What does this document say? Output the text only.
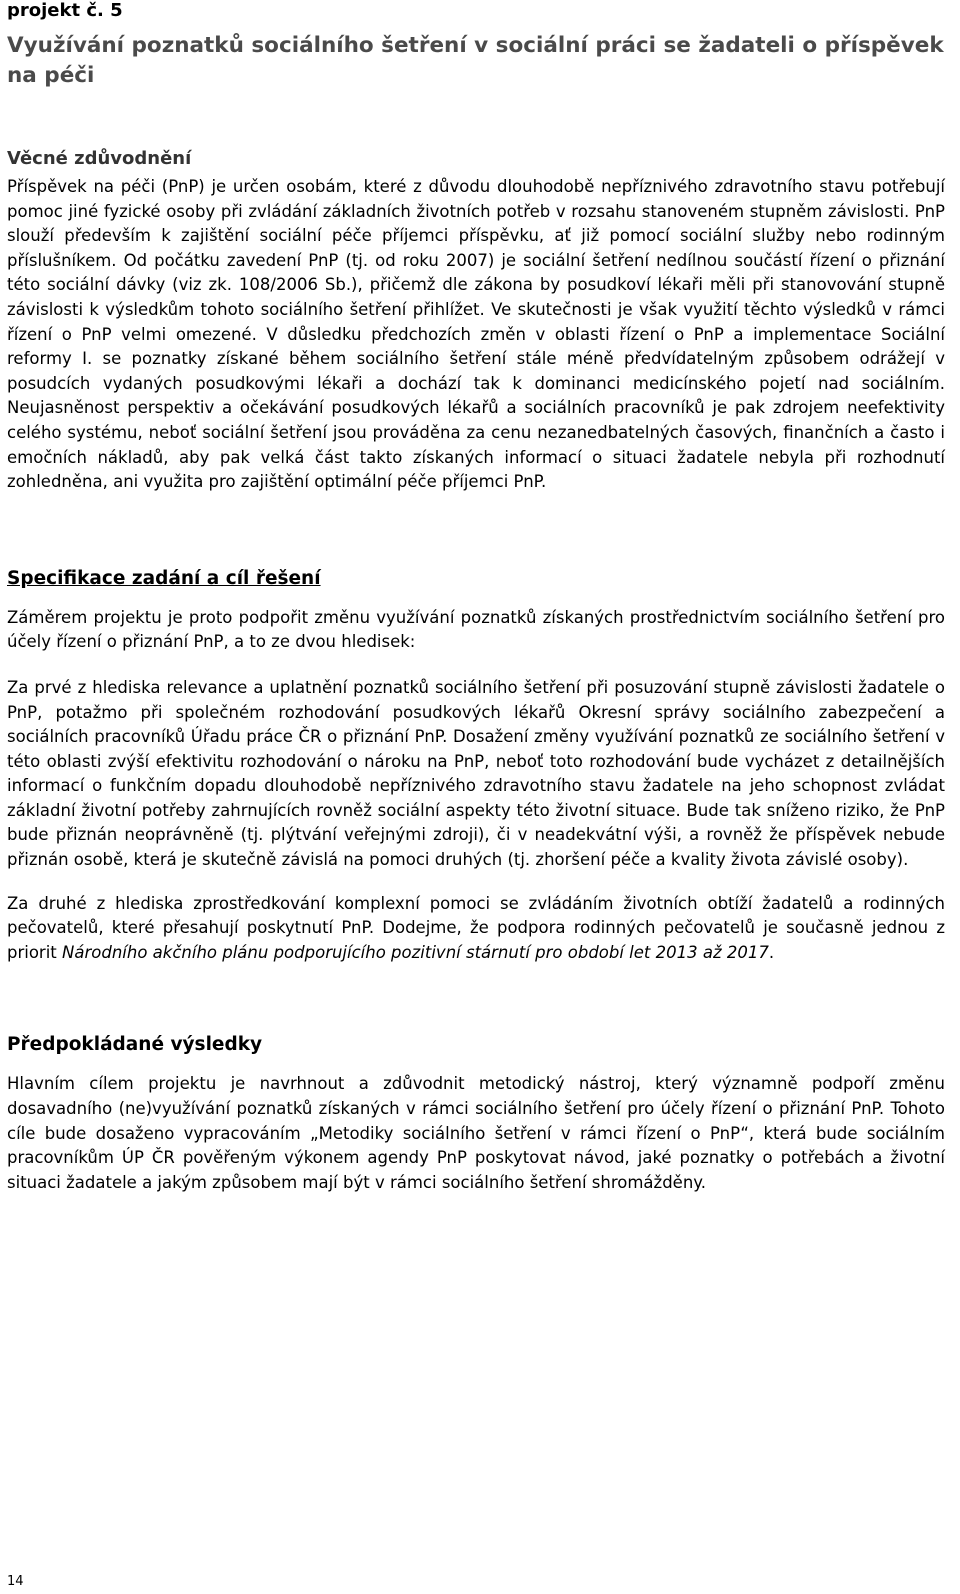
projekt č. 5
Využívání poznatků sociálního šetření v sociální práci se žadateli o příspěvek na péči
Věcné zdůvodnění

Příspěvek na péči (PnP) je určen osobám, které z důvodu dlouhodobě nepříznivého zdravotního stavu potřebují pomoc jiné fyzické osoby při zvládání základních životních potřeb v rozsahu stanoveném stupněm závislosti. PnP slouží především k zajištění sociální péče příjemci příspěvku, ať již pomocí sociální služby nebo rodinným příslušníkem. Od počátku zavedení PnP (tj. od roku 2007) je sociální šetření nedílnou součástí řízení o přiznání této sociální dávky (viz zk. 108/2006 Sb.), přičemž dle zákona by posudkoví lékaři měli při stanovování stupně závislosti k výsledkům tohoto sociálního šetření přihlížet. Ve skutečnosti je však využití těchto výsledků v rámci řízení o PnP velmi omezené. V důsledku předchozích změn v oblasti řízení o PnP a implementace Sociální reformy I. se poznatky získané během sociálního šetření stále méně předvídatelným způsobem odrážejí v posudcích vydaných posudkovými lékaři a dochází tak k dominanci medicínského pojetí nad sociálním. Neujasněnost perspektiv a očekávání posudkových lékařů a sociálních pracovníků je pak zdrojem neefektivity celého systému, neboť sociální šetření jsou prováděna za cenu nezanedbatelných časových, finančních a často i emočních nákladů, aby pak velká část takto získaných informací o situaci žadatele nebyla při rozhodnutí zohledněna, ani využita pro zajištění optimální péče příjemci PnP.

Specifikace zadání a cíl řešení

Záměrem projektu je proto podpořit změnu využívání poznatků získaných prostřednictvím sociálního šetření pro účely řízení o přiznání PnP, a to ze dvou hledisek:

Za prvé z hlediska relevance a uplatnění poznatků sociálního šetření při posuzování stupně závislosti žadatele o PnP, potažmo při společném rozhodování posudkových lékařů Okresní správy sociálního zabezpečení a sociálních pracovníků Úřadu práce ČR o přiznání PnP. Dosažení změny využívání poznatků ze sociálního šetření v této oblasti zvýší efektivitu rozhodování o nároku na PnP, neboť toto rozhodování bude vycházet z detailnějších informací o funkčním dopadu dlouhodobě nepříznivého zdravotního stavu žadatele na jeho schopnost zvládat základní životní potřeby zahrnujících rovněž sociální aspekty této životní situace. Bude tak sníženo riziko, že PnP bude přiznán neoprávněně (tj. plýtvání veřejnými zdroji), či v neadekvátní výši, a rovněž že příspěvek nebude přiznán osobě, která je skutečně závislá na pomoci druhých (tj. zhoršení péče a kvality života závislé osoby).

Za druhé z hlediska zprostředkování komplexní pomoci se zvládáním životních obtíží žadatelů a rodinných pečovatelů, které přesahují poskytnutí PnP. Dodejme, že podpora rodinných pečovatelů je současně jednou z priorit Národního akčního plánu podporujícího pozitivní stárnutí pro období let 2013 až 2017.

Předpokládané výsledky

Hlavním cílem projektu je navrhnout a zdůvodnit metodický nástroj, který významně podpoří změnu dosavadního (ne)využívání poznatků získaných v rámci sociálního šetření pro účely řízení o přiznání PnP. Tohoto cíle bude dosaženo vypracováním „Metodiky sociálního šetření v rámci řízení o PnP“, která bude sociálním pracovníkům ÚP ČR pověřeným výkonem agendy PnP poskytovat návod, jaké poznatky o potřebách a životní situaci žadatele a jakým způsobem mají být v rámci sociálního šetření shromážděny.

14
